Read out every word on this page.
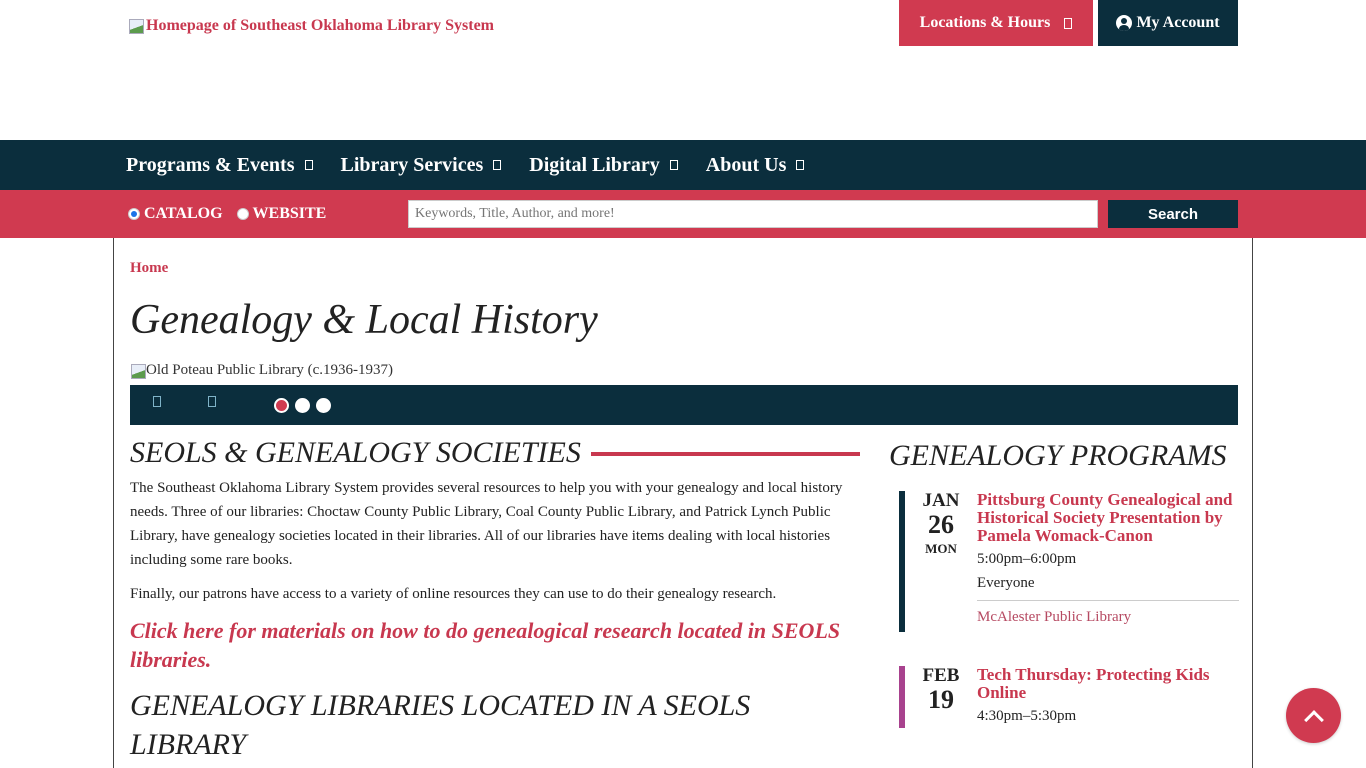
Homepage of Southeast Oklahoma Library System	Locations & Hours	My Account
Programs & Events Library Services Digital Library About Us
CATALOG WEBSITE
Keywords, Title, Author, and more!	Search
Home
Genealogy & Local History
Old Poteau Public Library (c.1936-1937)
SEOLS & GENEALOGY SOCIETIES

The Southeast Oklahoma Library System provides several resources to help you with your genealogy and local history needs. Three of our libraries: Choctaw County Public Library, Coal County Public Library, and Patrick Lynch Public Library, have genealogy societies located in their libraries. All of our libraries have items dealing with local histories including some rare books.

Finally, our patrons have access to a variety of online resources they can use to do their genealogy research.

Click here for materials on how to do genealogical research located in SEOLS libraries.
GENEALOGY LIBRARIES LOCATED IN A SEOLS LIBRARY
GENEALOGY PROGRAMS
JAN
26
MON
Pittsburg County Genealogical and Historical Society Presentation by Pamela Womack-Canon
5:00pm–6:00pm
Everyone
McAlester Public Library
FEB
19
Tech Thursday: Protecting Kids Online
4:30pm–5:30pm
